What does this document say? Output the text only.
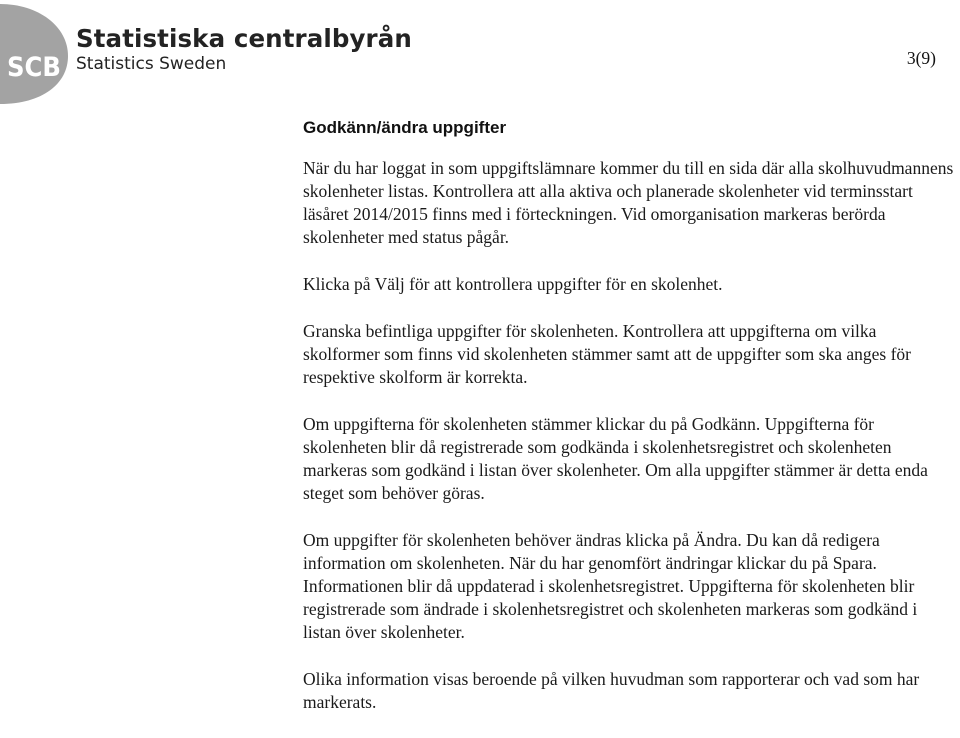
SCB
Statistiska centralbyrån
Statistics Sweden	3(9)
Godkänn/ändra uppgifter

När du har loggat in som uppgiftslämnare kommer du till en sida där alla skolhuvudmannens skolenheter listas. Kontrollera att alla aktiva och planerade skolenheter vid terminsstart läsåret 2014/2015 finns med i förteckningen. Vid omorganisation markeras berörda skolenheter med status pågår.

Klicka på Välj för att kontrollera uppgifter för en skolenhet.

Granska befintliga uppgifter för skolenheten. Kontrollera att uppgifterna om vilka skolformer som finns vid skolenheten stämmer samt att de uppgifter som ska anges för respektive skolform är korrekta.

Om uppgifterna för skolenheten stämmer klickar du på Godkänn. Uppgifterna för skolenheten blir då registrerade som godkända i skolenhetsregistret och skolenheten markeras som godkänd i listan över skolenheter. Om alla uppgifter stämmer är detta enda steget som behöver göras.

Om uppgifter för skolenheten behöver ändras klicka på Ändra. Du kan då redigera information om skolenheten. När du har genomfört ändringar klickar du på Spara. Informationen blir då uppdaterad i skolenhetsregistret. Uppgifterna för skolenheten blir registrerade som ändrade i skolenhetsregistret och skolenheten markeras som godkänd i listan över skolenheter.

Olika information visas beroende på vilken huvudman som rapporterar och vad som har markerats.
